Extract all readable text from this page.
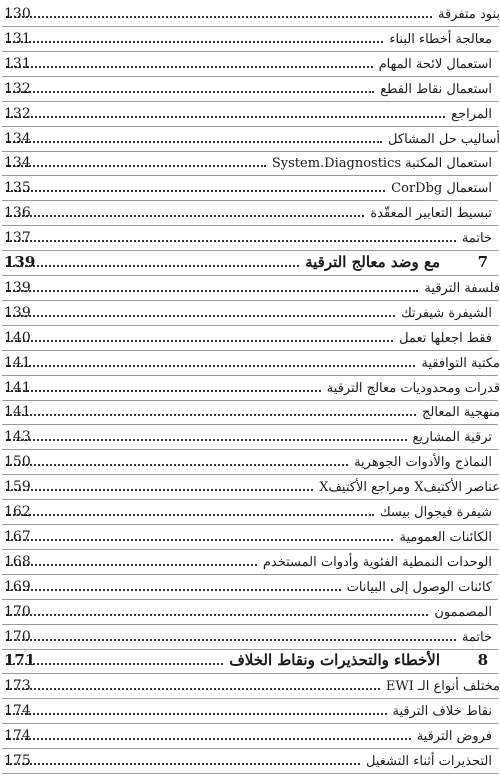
بنود متفرقة
130
معالجة أخطاء البناء
131
استعمال لائحة المهام
131
استعمال نقاط القطع
132
المراجع
132
أساليب حل المشاكل
134
استعمال المكتبة System.Diagnostics
134
استعمال CorDbg
135
تبسيط التعابير المعقّدة
136
خاتمة
137
مع وضد معالج الترقية
139	7
فلسفة الترقية
139
الشيفرة شيفرتك
139
فقط اجعلها تعمل
140
مكتبة التوافقية
141
قدرات ومحدوديات معالج الترقية
141
منهجية المعالج
141
ترقية المشاريع
143
النماذج والأدوات الجوهرية
150
عناصر الأكتيفX ومراجع الأكتيفX
159
شيفرة فيجوال بيسك
162
الكائنات العمومية
167
الوحدات النمطية الفئوية وأدوات المستخدم
168
كائنات الوصول إلى البيانات
169
المصممون
170
خاتمة
170
الأخطاء والتحذيرات ونقاط الخلاف
171	8
مختلف أنواع الـ EWI
173
نقاط خلاف الترقية
174
فروض الترقية
174
التحذيرات أثناء التشغيل
175
